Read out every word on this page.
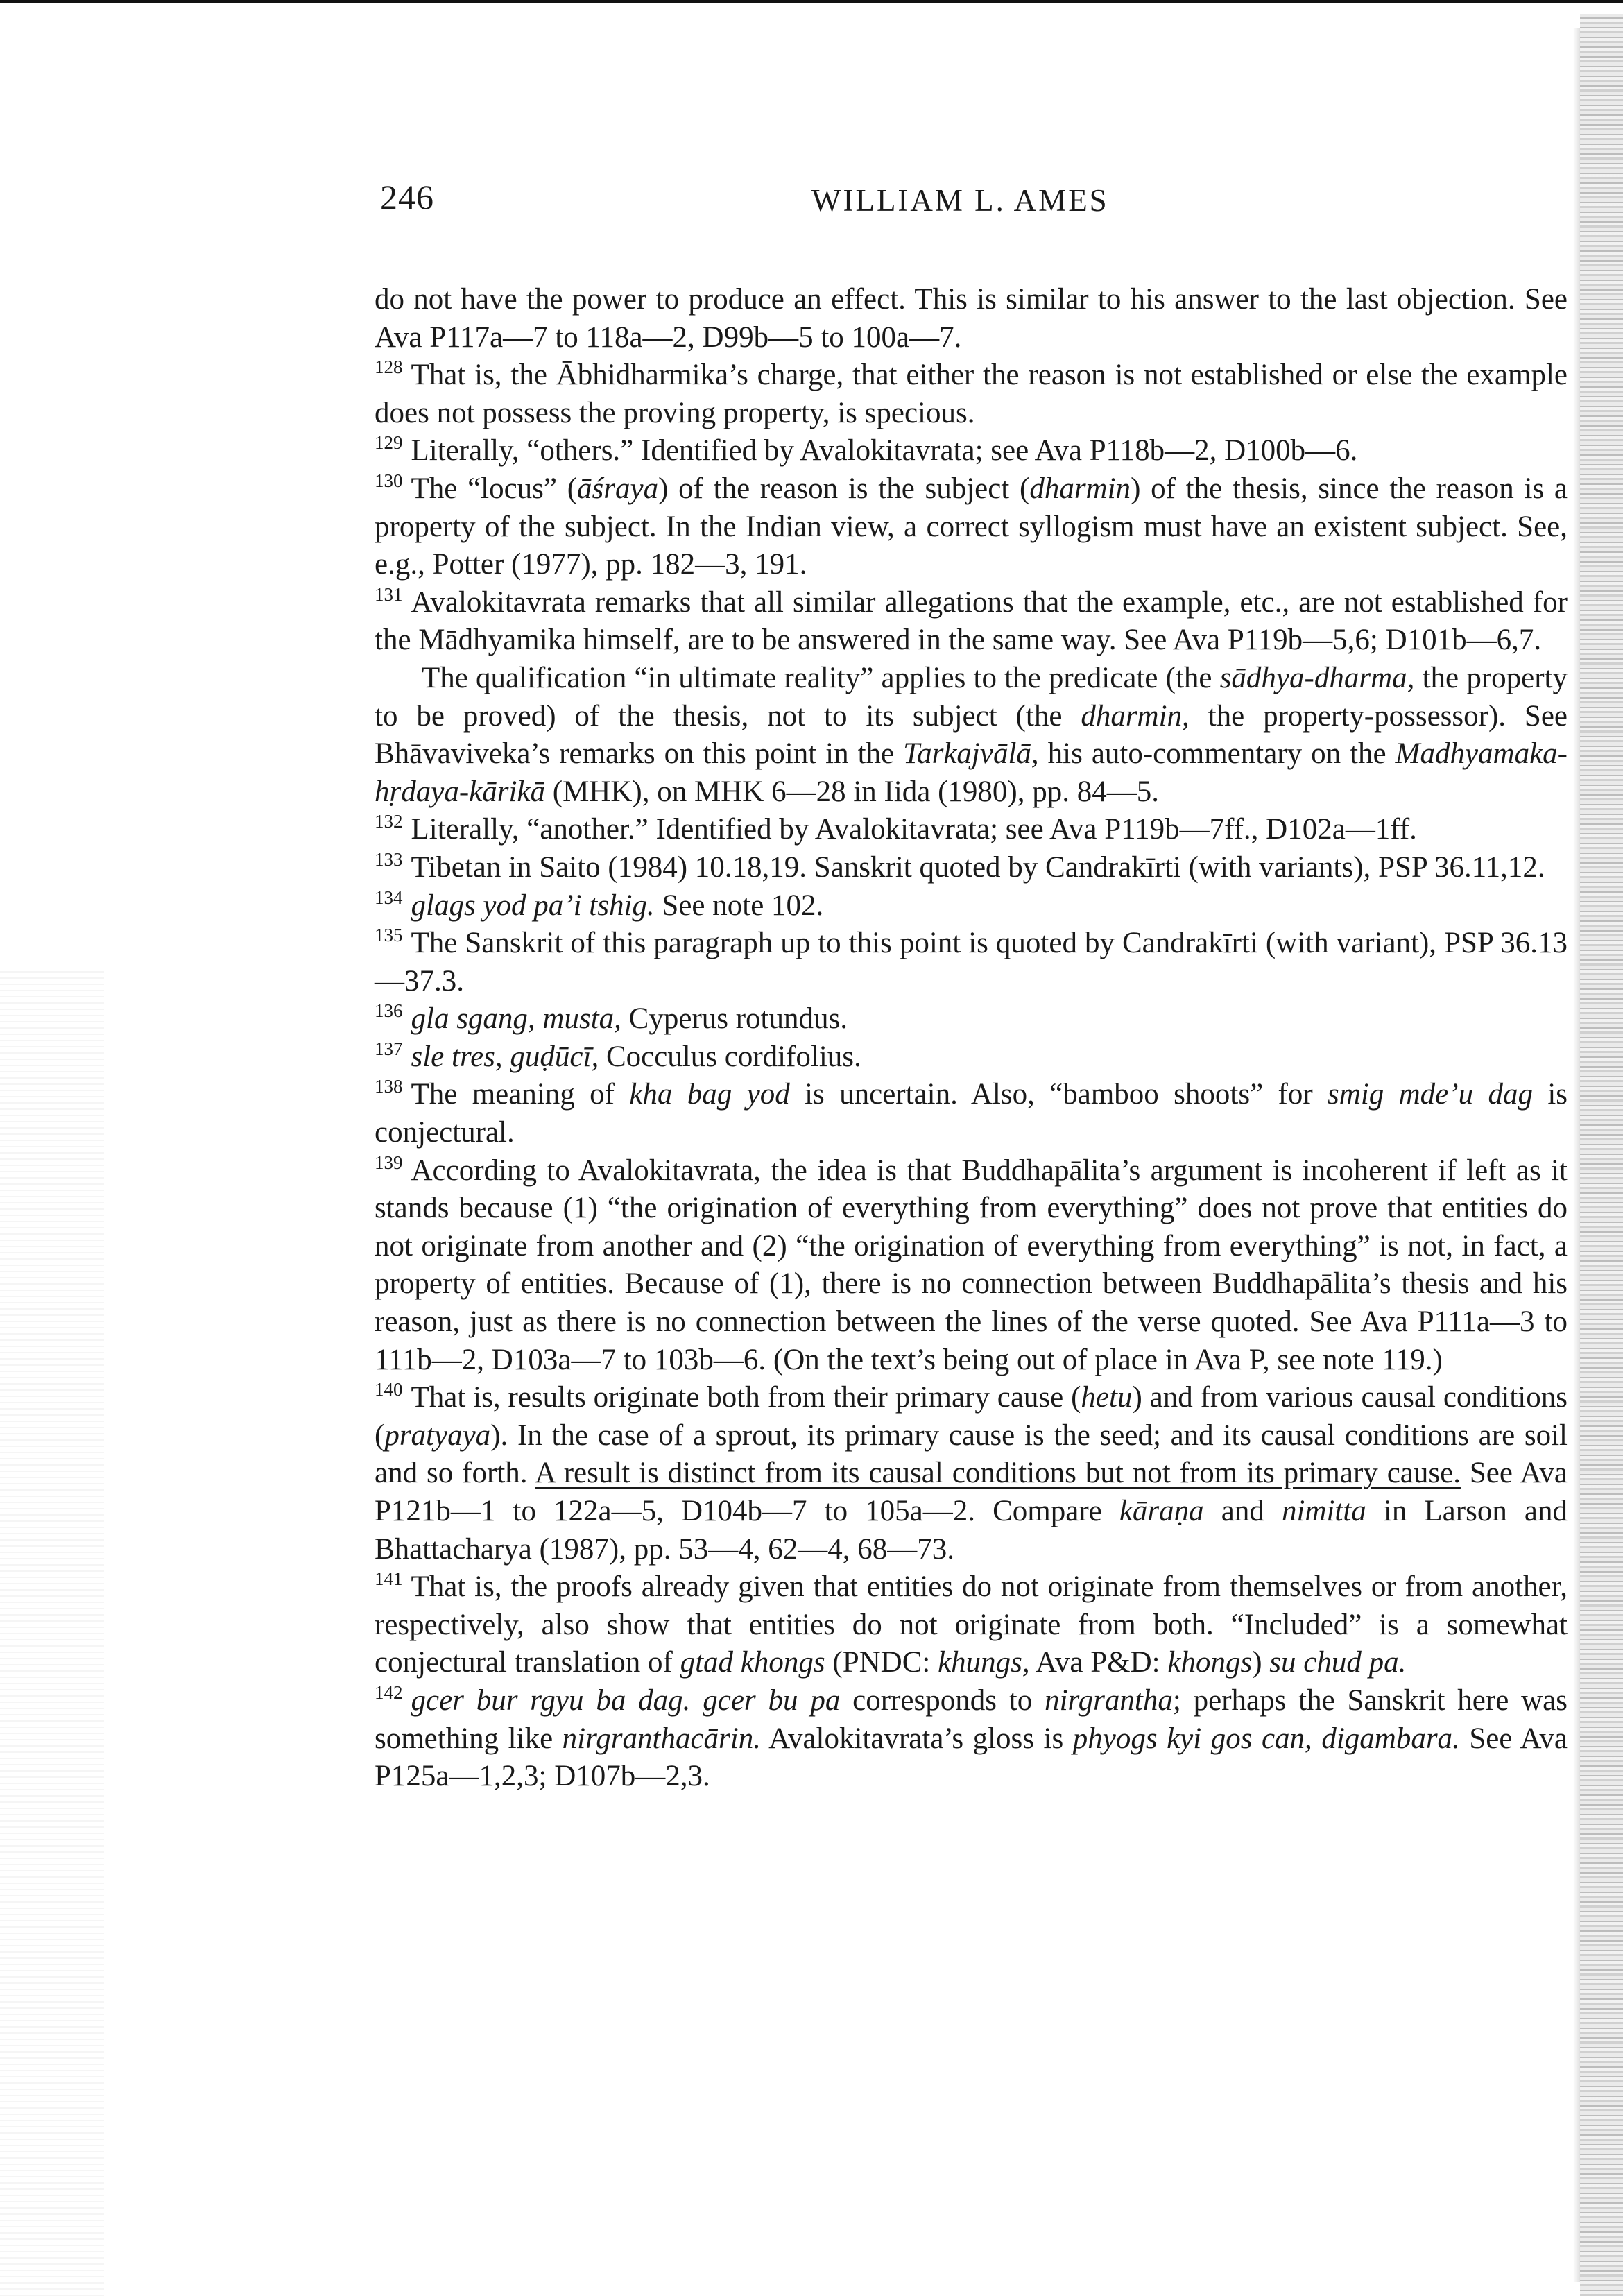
246	WILLIAM L. AMES

do not have the power to produce an effect. This is similar to his answer to the last objection. See Ava P117a—7 to 118a—2, D99b—5 to 100a—7.

$^{128}$ That is, the Ābhidharmika’s charge, that either the reason is not established or else the example does not possess the proving property, is specious.

$^{129}$ Literally, “others.” Identified by Avalokitavrata; see Ava P118b—2, D100b—6.

$^{130}$ The “locus” (āśraya) of the reason is the subject (dharmin) of the thesis, since the reason is a property of the subject. In the Indian view, a correct syllogism must have an existent subject. See, e.g., Potter (1977), pp. 182—3, 191.

$^{131}$ Avalokitavrata remarks that all similar allegations that the example, etc., are not established for the Mādhyamika himself, are to be answered in the same way. See Ava P119b—5,6; D101b—6,7.

The qualification “in ultimate reality” applies to the predicate (the sādhya-dharma, the property to be proved) of the thesis, not to its subject (the dharmin, the property-possessor). See Bhāvaviveka’s remarks on this point in the Tarkajvālā, his auto-commentary on the Madhyamaka-hṛdaya-kārikā (MHK), on MHK 6—28 in Iida (1980), pp. 84—5.

$^{132}$ Literally, “another.” Identified by Avalokitavrata; see Ava P119b—7ff., D102a—1ff.

$^{133}$ Tibetan in Saito (1984) 10.18,19. Sanskrit quoted by Candrakīrti (with variants), PSP 36.11,12.

$^{134}$ glags yod pa’i tshig. See note 102.

$^{135}$ The Sanskrit of this paragraph up to this point is quoted by Candrakīrti (with variant), PSP 36.13—37.3.

$^{136}$ gla sgang, musta, Cyperus rotundus.

$^{137}$ sle tres, guḍūcī, Cocculus cordifolius.

$^{138}$ The meaning of kha bag yod is uncertain. Also, “bamboo shoots” for smig mde’u dag is conjectural.

$^{139}$ According to Avalokitavrata, the idea is that Buddhapālita’s argument is incoherent if left as it stands because (1) “the origination of everything from everything” does not prove that entities do not originate from another and (2) “the origination of everything from everything” is not, in fact, a property of entities. Because of (1), there is no connection between Buddhapālita’s thesis and his reason, just as there is no connection between the lines of the verse quoted. See Ava P111a—3 to 111b—2, D103a—7 to 103b—6. (On the text’s being out of place in Ava P, see note 119.)

$^{140}$ That is, results originate both from their primary cause (hetu) and from various causal conditions (pratyaya). In the case of a sprout, its primary cause is the seed; and its causal conditions are soil and so forth. A result is distinct from its causal conditions but not from its primary cause. See Ava P121b—1 to 122a—5, D104b—7 to 105a—2. Compare kāraṇa and nimitta in Larson and Bhattacharya (1987), pp. 53—4, 62—4, 68—73.

$^{141}$ That is, the proofs already given that entities do not originate from themselves or from another, respectively, also show that entities do not originate from both. “Included” is a somewhat conjectural translation of gtad khongs (PNDC: khungs, Ava P&D: khongs) su chud pa.

$^{142}$ gcer bur rgyu ba dag. gcer bu pa corresponds to nirgrantha; perhaps the Sanskrit here was something like nirgranthacārin. Avalokitavrata’s gloss is phyogs kyi gos can, digambara. See Ava P125a—1,2,3; D107b—2,3.
